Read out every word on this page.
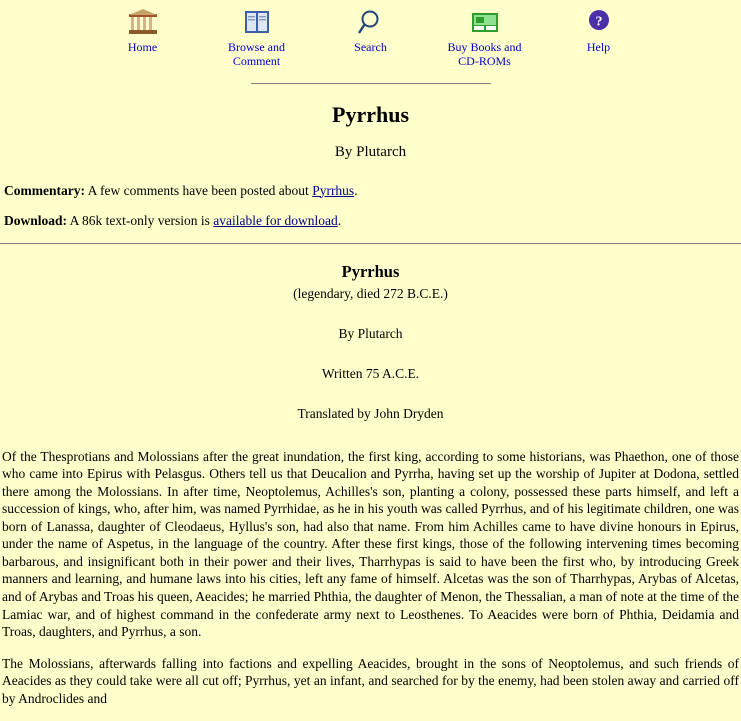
Home	Browse and Comment
Search	Buy Books and CD-ROMs
?
Help
Pyrrhus
By Plutarch

Commentary: A few comments have been posted about Pyrrhus.

Download: A 86k text-only version is available for download.

Pyrrhus
(legendary, died 272 B.C.E.)
By Plutarch
Written 75 A.C.E.
Translated by John Dryden

Of the Thesprotians and Molossians after the great inundation, the first king, according to some historians, was Phaethon, one of those who came into Epirus with Pelasgus. Others tell us that Deucalion and Pyrrha, having set up the worship of Jupiter at Dodona, settled there among the Molossians. In after time, Neoptolemus, Achilles's son, planting a colony, possessed these parts himself, and left a succession of kings, who, after him, was named Pyrrhidae, as he in his youth was called Pyrrhus, and of his legitimate children, one was born of Lanassa, daughter of Cleodaeus, Hyllus's son, had also that name. From him Achilles came to have divine honours in Epirus, under the name of Aspetus, in the language of the country. After these first kings, those of the following intervening times becoming barbarous, and insignificant both in their power and their lives, Tharrhypas is said to have been the first who, by introducing Greek manners and learning, and humane laws into his cities, left any fame of himself. Alcetas was the son of Tharrhypas, Arybas of Alcetas, and of Arybas and Troas his queen, Aeacides; he married Phthia, the daughter of Menon, the Thessalian, a man of note at the time of the Lamiac war, and of highest command in the confederate army next to Leosthenes. To Aeacides were born of Phthia, Deidamia and Troas, daughters, and Pyrrhus, a son.

The Molossians, afterwards falling into factions and expelling Aeacides, brought in the sons of Neoptolemus, and such friends of Aeacides as they could take were all cut off; Pyrrhus, yet an infant, and searched for by the enemy, had been stolen away and carried off by Androclides and
